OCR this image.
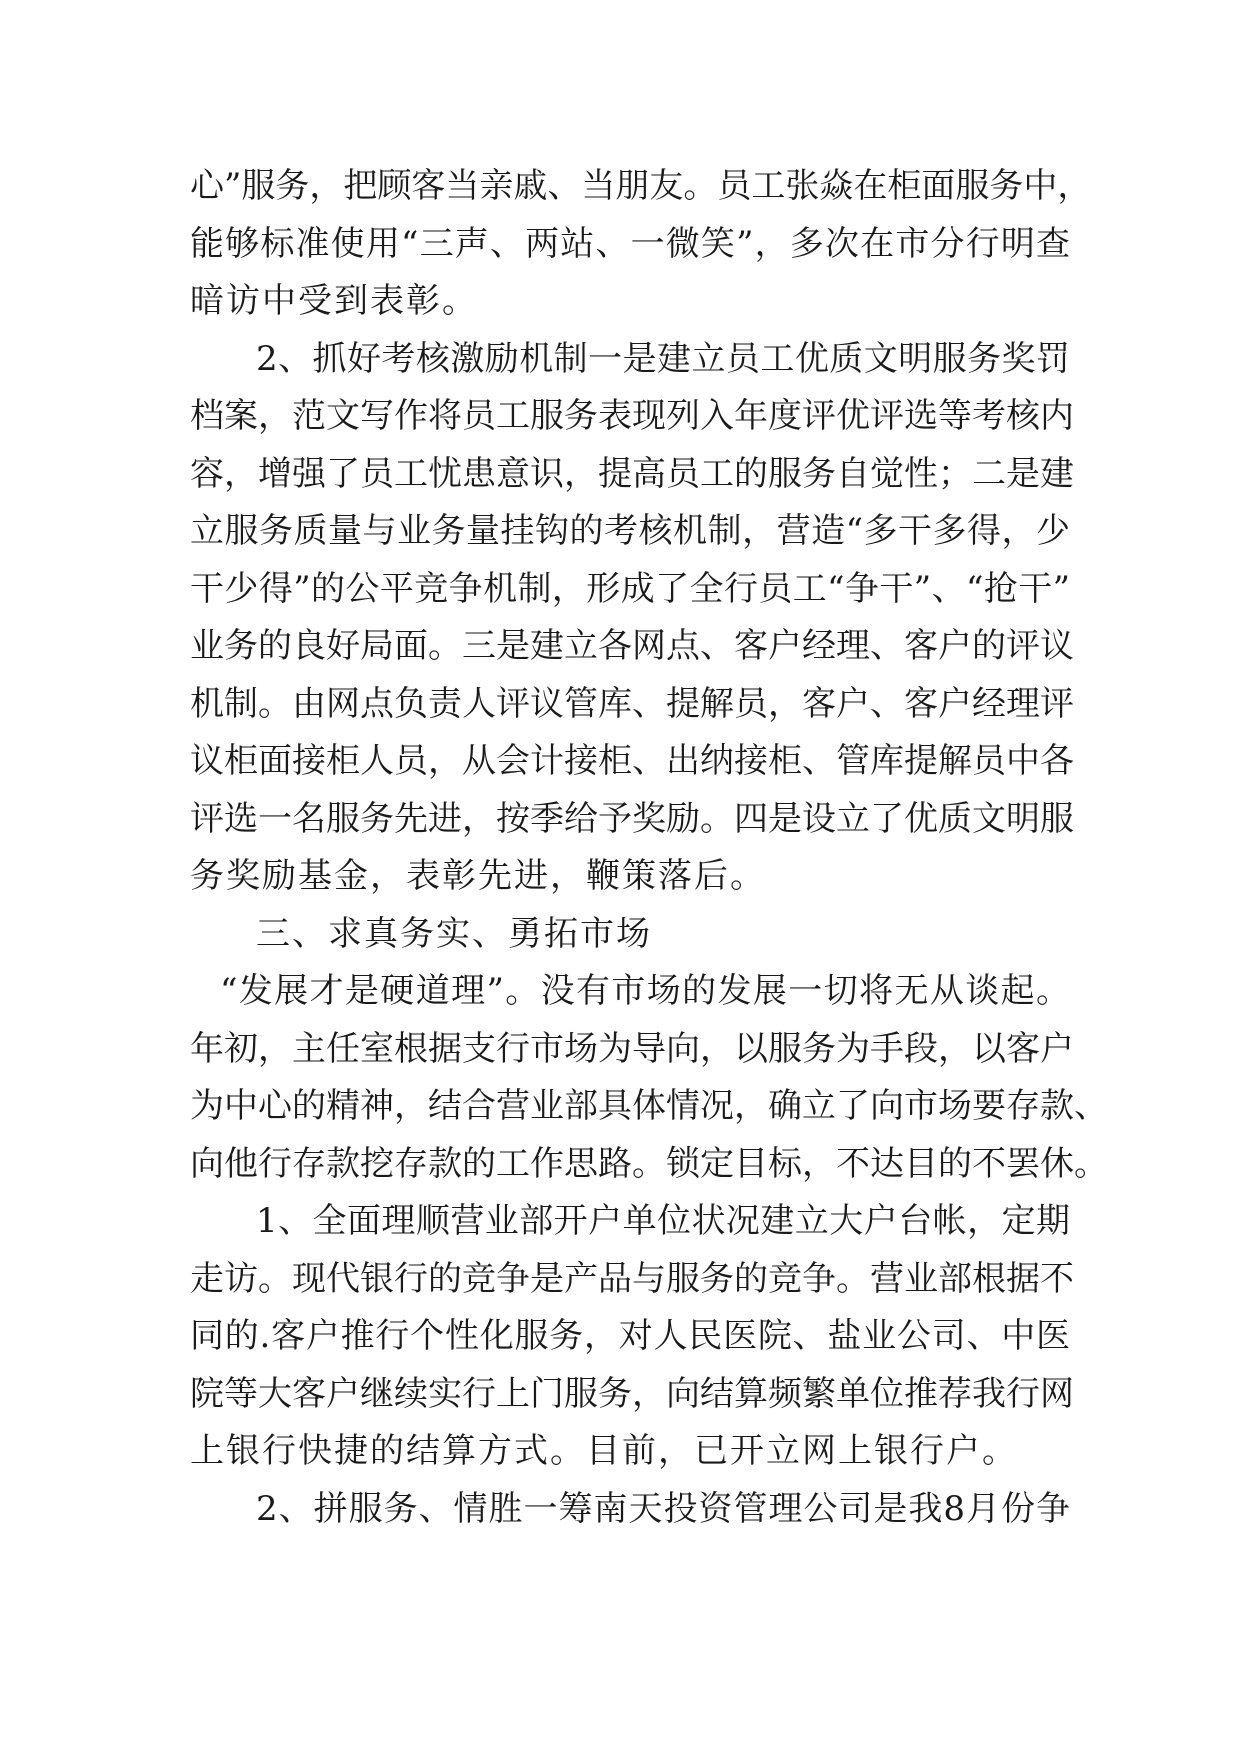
心”服务，把顾客当亲戚、当朋友。员工张焱在柜面服务中，
能够标准使用“三声、两站、一微笑”，多次在市分行明查
暗访中受到表彰。
2、抓好考核激励机制一是建立员工优质文明服务奖罚
档案，范文写作将员工服务表现列入年度评优评选等考核内
容，增强了员工忧患意识，提高员工的服务自觉性；二是建
立服务质量与业务量挂钩的考核机制，营造“多干多得，少
干少得”的公平竞争机制，形成了全行员工“争干”、“抢干”
业务的良好局面。三是建立各网点、客户经理、客户的评议
机制。由网点负责人评议管库、提解员，客户、客户经理评
议柜面接柜人员，从会计接柜、出纳接柜、管库提解员中各
评选一名服务先进，按季给予奖励。四是设立了优质文明服
务奖励基金，表彰先进，鞭策落后。
三、求真务实、勇拓市场
“发展才是硬道理”。没有市场的发展一切将无从谈起。
年初，主任室根据支行市场为导向，以服务为手段，以客户
为中心的精神，结合营业部具体情况，确立了向市场要存款、
向他行存款挖存款的工作思路。锁定目标，不达目的不罢休。
1、全面理顺营业部开户单位状况建立大户台帐，定期
走访。现代银行的竞争是产品与服务的竞争。营业部根据不
同的.客户推行个性化服务，对人民医院、盐业公司、中医
院等大客户继续实行上门服务，向结算频繁单位推荐我行网
上银行快捷的结算方式。目前，已开立网上银行户。
2、拼服务、情胜一筹南天投资管理公司是我8月份争
